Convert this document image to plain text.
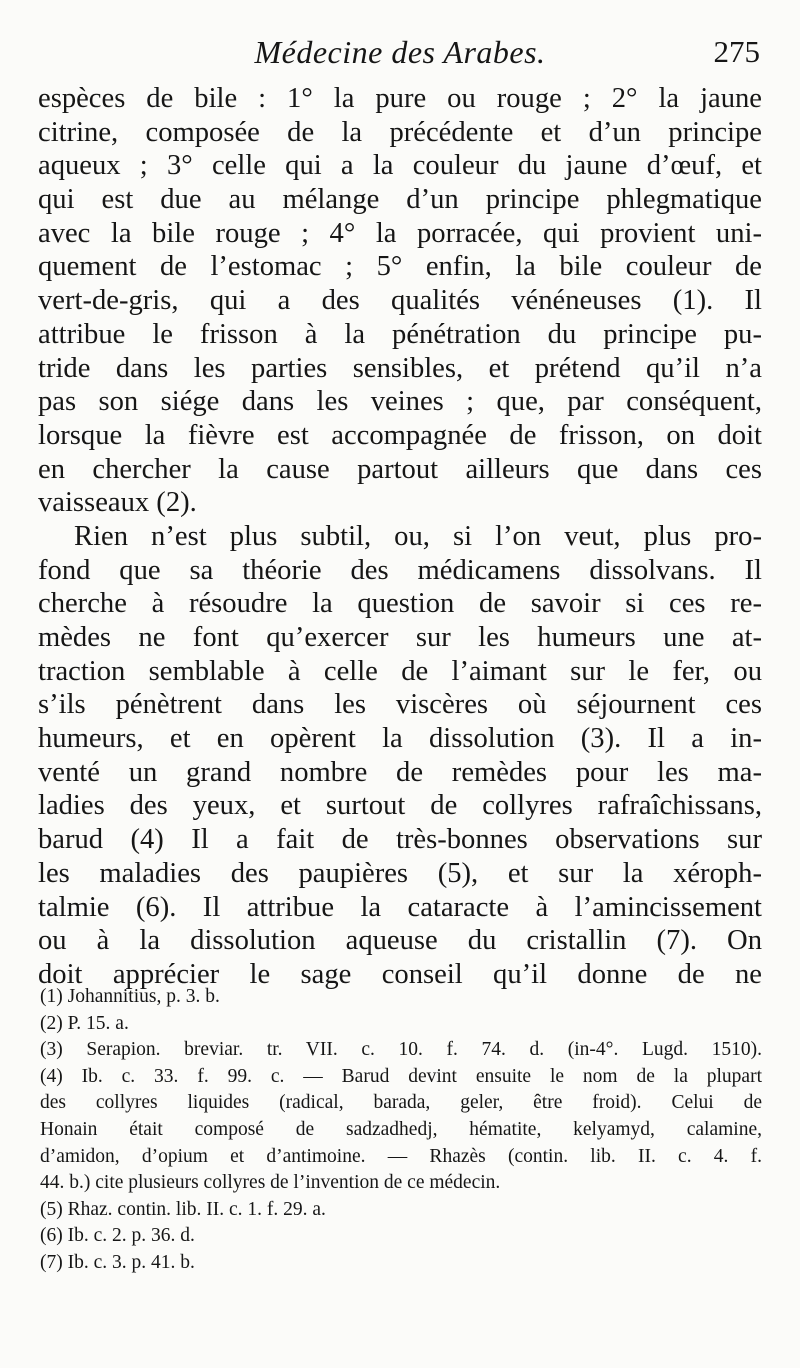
Médecine des Arabes.	275
espèces de bile : 1° la pure ou rouge ; 2° la jaune
citrine, composée de la précédente et d’un principe
aqueux ; 3° celle qui a la couleur du jaune d’œuf, et
qui est due au mélange d’un principe phlegmatique
avec la bile rouge ; 4° la porracée, qui provient uni-
quement de l’estomac ; 5° enfin, la bile couleur de
vert-de-gris, qui a des qualités vénéneuses (1). Il
attribue le frisson à la pénétration du principe pu-
tride dans les parties sensibles, et prétend qu’il n’a
pas son siége dans les veines ; que, par conséquent,
lorsque la fièvre est accompagnée de frisson, on doit
en chercher la cause partout ailleurs que dans ces
vaisseaux (2).
Rien n’est plus subtil, ou, si l’on veut, plus pro-
fond que sa théorie des médicamens dissolvans. Il
cherche à résoudre la question de savoir si ces re-
mèdes ne font qu’exercer sur les humeurs une at-
traction semblable à celle de l’aimant sur le fer, ou
s’ils pénètrent dans les viscères où séjournent ces
humeurs, et en opèrent la dissolution (3). Il a in-
venté un grand nombre de remèdes pour les ma-
ladies des yeux, et surtout de collyres rafraîchissans,
barud (4) Il a fait de très-bonnes observations sur
les maladies des paupières (5), et sur la xéroph-
talmie (6). Il attribue la cataracte à l’amincissement
ou à la dissolution aqueuse du cristallin (7). On
doit apprécier le sage conseil qu’il donne de ne
(1) Johannitius, p. 3. b.
(2) P. 15. a.
(3) Serapion. breviar. tr. VII. c. 10. f. 74. d. (in-4°. Lugd. 1510).
(4) Ib. c. 33. f. 99. c. — Barud devint ensuite le nom de la plupart
des collyres liquides (radical, barada, geler, être froid). Celui de
Honain était composé de sadzadhedj, hématite, kelyamyd, calamine,
d’amidon, d’opium et d’antimoine. — Rhazès (contin. lib. II. c. 4. f.
44. b.) cite plusieurs collyres de l’invention de ce médecin.
(5) Rhaz. contin. lib. II. c. 1. f. 29. a.
(6) Ib. c. 2. p. 36. d.
(7) Ib. c. 3. p. 41. b.
